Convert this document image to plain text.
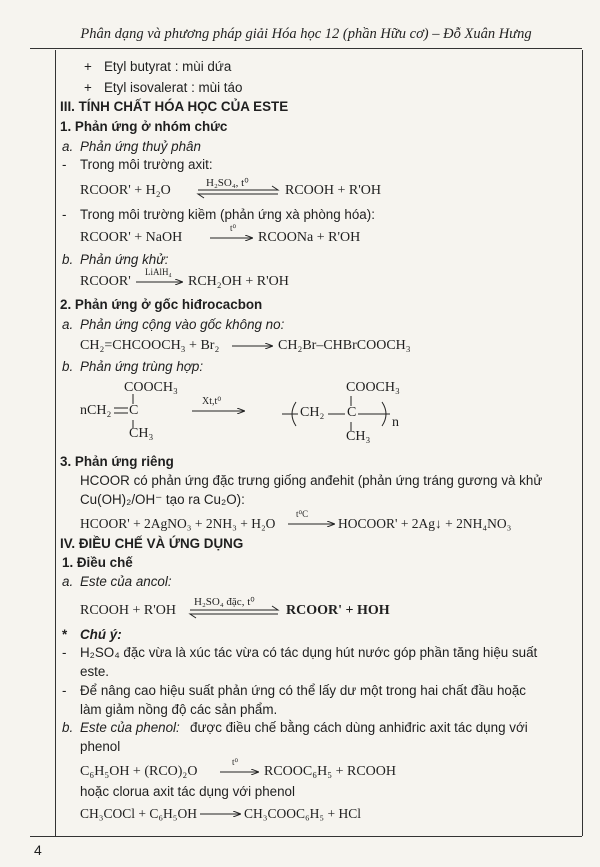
Phân dạng và phương pháp giải Hóa học 12 (phần Hữu cơ) – Đỗ Xuân Hưng
+ Etyl butyrat : mùi dứa
+ Etyl isovalerat : mùi táo
III. TÍNH CHẤT HÓA HỌC CỦA ESTE
1. Phản ứng ở nhóm chức
a. Phản ứng thuỷ phân
- Trong môi trường axit:
RCOOR' + H₂O	H₂SO₄, t⁰	RCOOH + R'OH
- Trong môi trường kiềm (phản ứng xà phòng hóa):
RCOOR' + NaOH
t⁰
RCOONa + R'OH
b. Phản ứng khử:
RCOOR'
LiAlH₄
RCH₂OH + R'OH
2. Phản ứng ở gốc hiđrocacbon
a. Phản ứng cộng vào gốc không no:
CH₂=CHCOOCH₃ + Br₂	CH₂Br–CHBrCOOCH₃
b. Phản ứng trùng hợp:
COOCH₃
nCH₂ C
CH₃
Xt,t⁰
COOCH₃
CH₂ C
CH₃
n
3. Phản ứng riêng
HCOOR có phản ứng đặc trưng giống anđehit (phản ứng tráng gương và khử
Cu(OH)₂/OH⁻ tạo ra Cu₂O):
HCOOR' + 2AgNO₃ + 2NH₃ + H₂O
t⁰C
HOCOOR' + 2Ag↓ + 2NH₄NO₃
IV. ĐIỀU CHẾ VÀ ỨNG DỤNG
1. Điều chế
a. Este của ancol:
RCOOH + R'OH
H₂SO₄ đặc, t⁰
RCOOR' + HOH
* Chú ý:
- H₂SO₄ đặc vừa là xúc tác vừa có tác dụng hút nước góp phần tăng hiệu suất
este.
- Để nâng cao hiệu suất phản ứng có thể lấy dư một trong hai chất đầu hoặc
làm giảm nồng độ các sản phẩm.
b. Este của phenol: được điều chế bằng cách dùng anhiđric axit tác dụng với
phenol
C₆H₅OH + (RCO)₂O
t⁰
RCOOC₆H₅ + RCOOH
hoặc clorua axit tác dụng với phenol
CH₃COCl + C₆H₅OH	CH₃COOC₆H₅ + HCl
4
